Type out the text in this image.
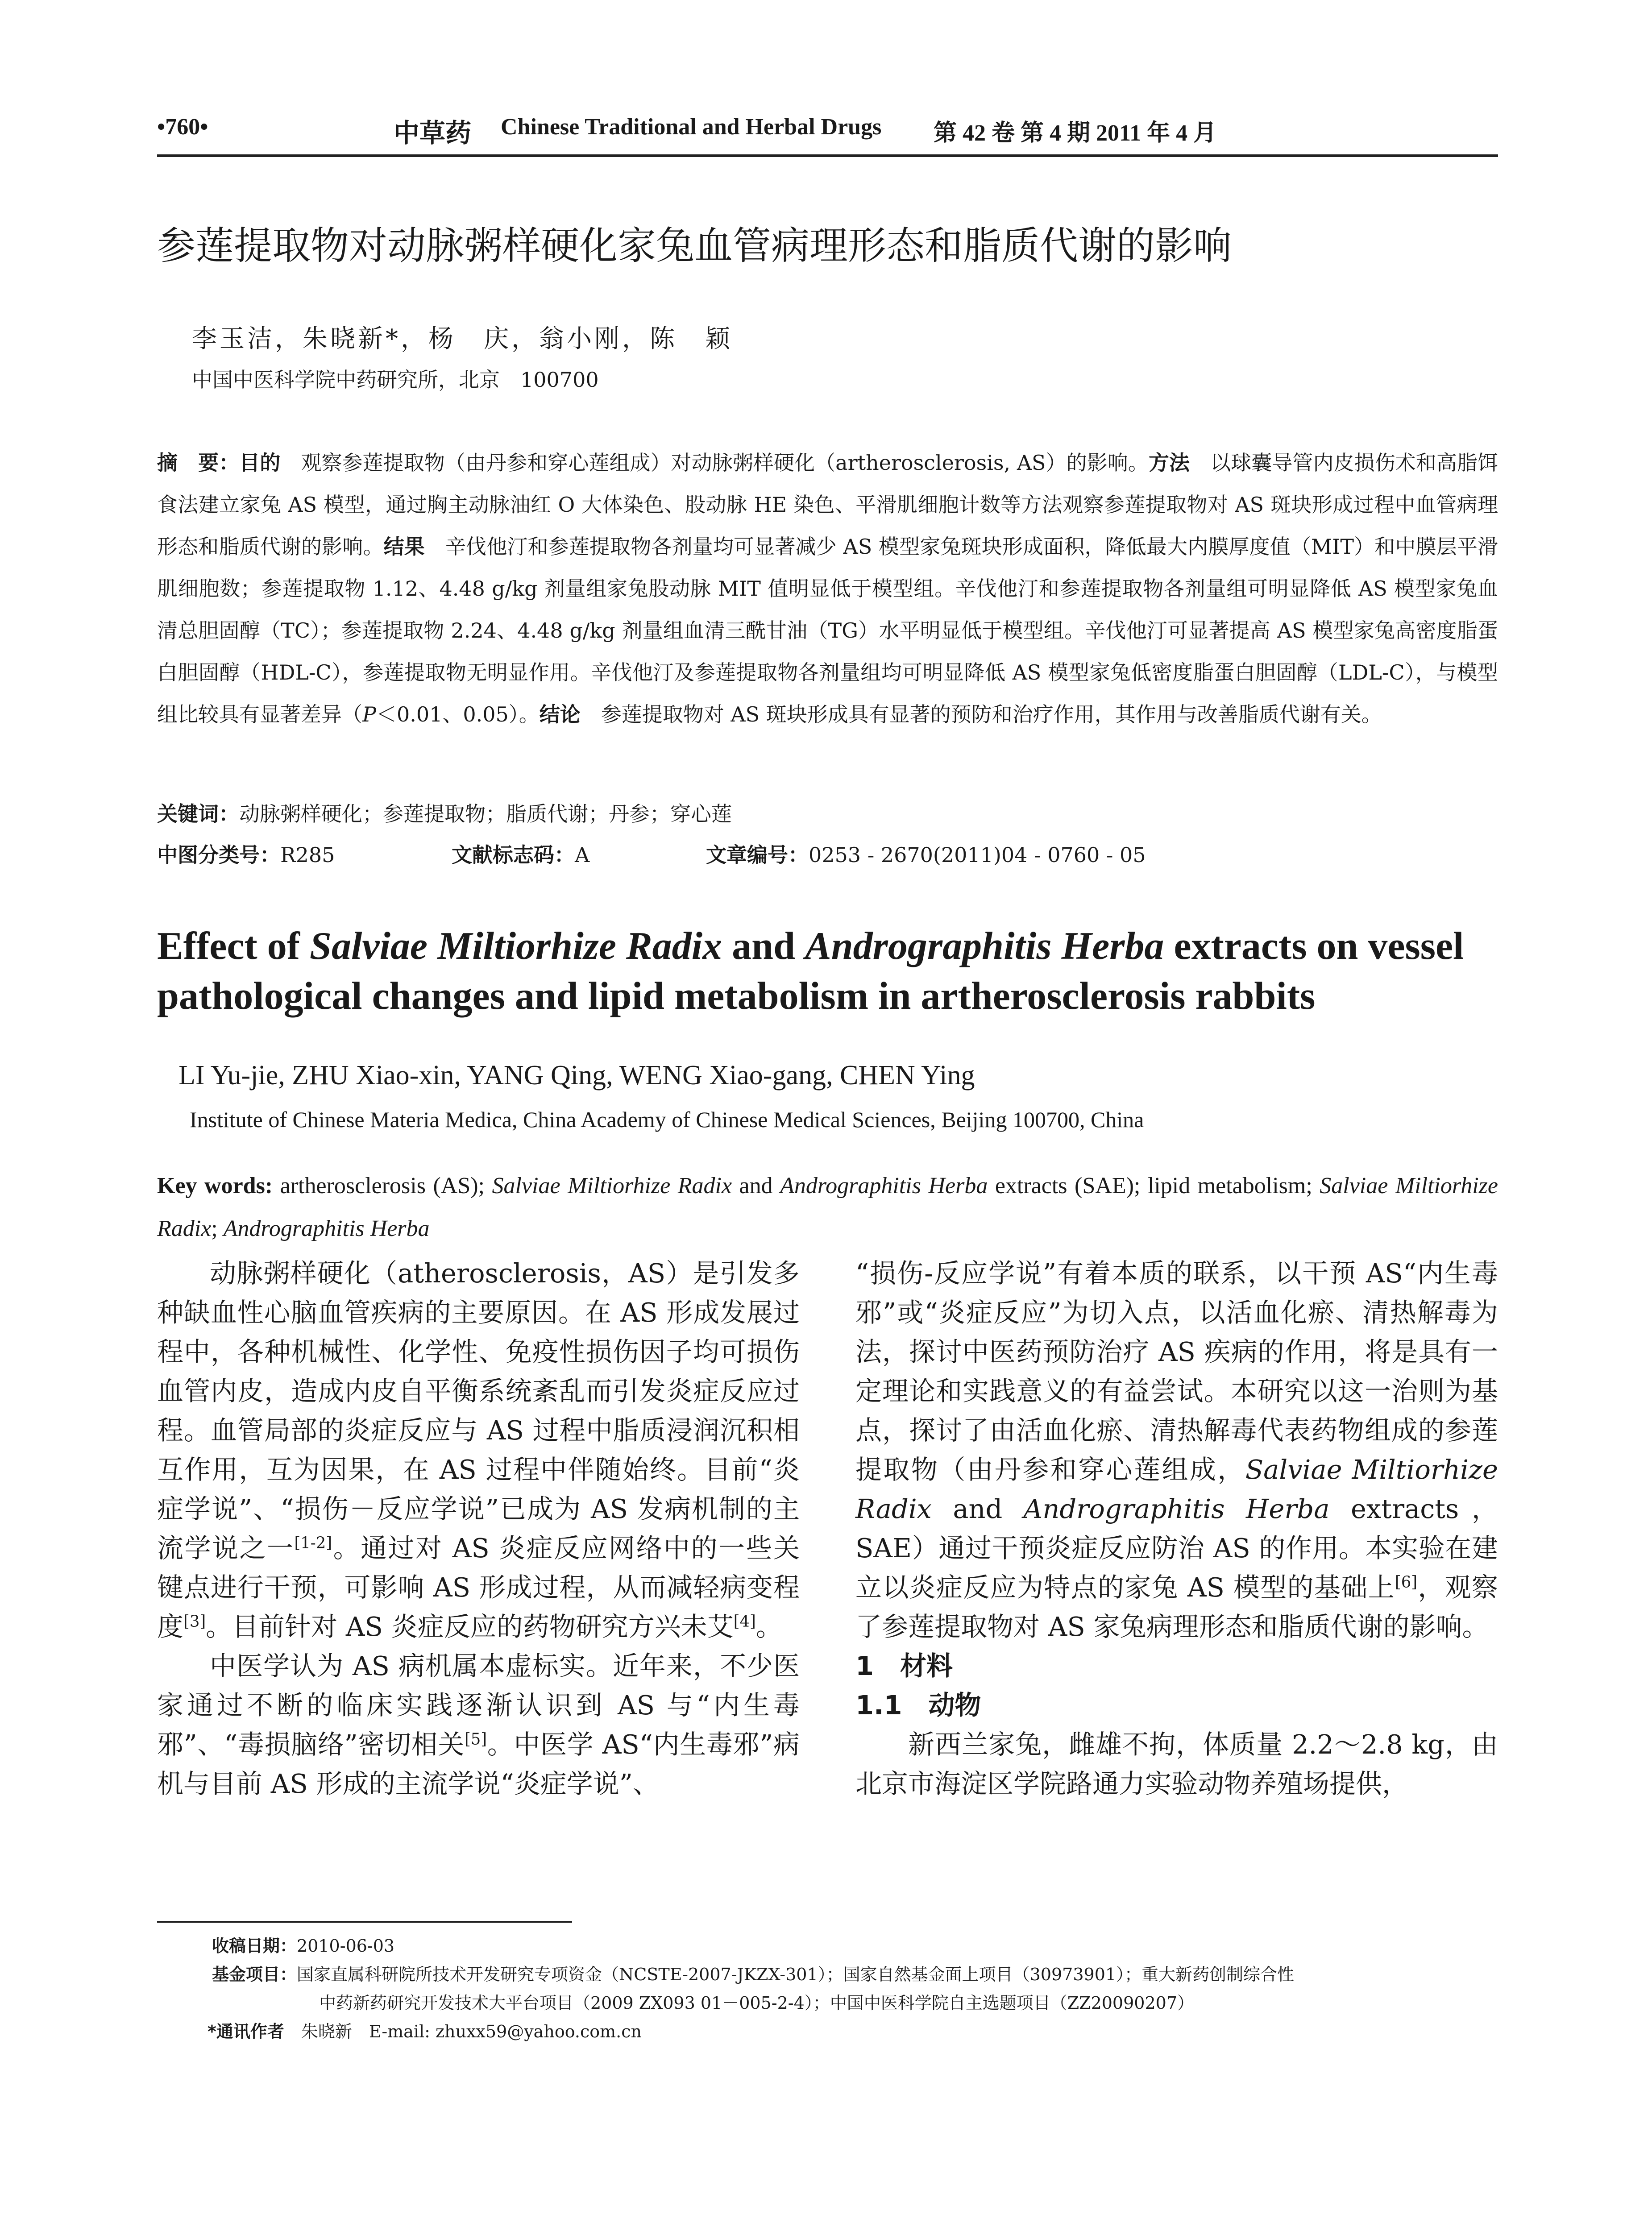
•760•	中草药 Chinese Traditional and Herbal Drugs 第 42 卷 第 4 期 2011 年 4 月
参莲提取物对动脉粥样硬化家兔血管病理形态和脂质代谢的影响
李玉洁，朱晓新*，杨　庆，翁小刚，陈　颖
中国中医科学院中药研究所，北京　100700
摘　要：目的　观察参莲提取物（由丹参和穿心莲组成）对动脉粥样硬化（artherosclerosis, AS）的影响。方法　以球囊导管内皮损伤术和高脂饵食法建立家兔 AS 模型，通过胸主动脉油红 O 大体染色、股动脉 HE 染色、平滑肌细胞计数等方法观察参莲提取物对 AS 斑块形成过程中血管病理形态和脂质代谢的影响。结果　辛伐他汀和参莲提取物各剂量均可显著减少 AS 模型家兔斑块形成面积，降低最大内膜厚度值（MIT）和中膜层平滑肌细胞数；参莲提取物 1.12、4.48 g/kg 剂量组家兔股动脉 MIT 值明显低于模型组。辛伐他汀和参莲提取物各剂量组可明显降低 AS 模型家兔血清总胆固醇（TC）；参莲提取物 2.24、4.48 g/kg 剂量组血清三酰甘油（TG）水平明显低于模型组。辛伐他汀可显著提高 AS 模型家兔高密度脂蛋白胆固醇（HDL-C），参莲提取物无明显作用。辛伐他汀及参莲提取物各剂量组均可明显降低 AS 模型家兔低密度脂蛋白胆固醇（LDL-C），与模型组比较具有显著差异（P＜0.01、0.05）。结论　参莲提取物对 AS 斑块形成具有显著的预防和治疗作用，其作用与改善脂质代谢有关。
关键词：动脉粥样硬化；参莲提取物；脂质代谢；丹参；穿心莲
中图分类号：R285	文献标志码：A	文章编号：0253 - 2670(2011)04 - 0760 - 05
Effect of Salviae Miltiorhize Radix and Andrographitis Herba extracts on vessel pathological changes and lipid metabolism in artherosclerosis rabbits
LI Yu-jie, ZHU Xiao-xin, YANG Qing, WENG Xiao-gang, CHEN Ying
Institute of Chinese Materia Medica, China Academy of Chinese Medical Sciences, Beijing 100700, China
Key words: artherosclerosis (AS); Salviae Miltiorhize Radix and Andrographitis Herba extracts (SAE); lipid metabolism; Salviae Miltiorhize Radix; Andrographitis Herba

动脉粥样硬化（atherosclerosis，AS）是引发多种缺血性心脑血管疾病的主要原因。在 AS 形成发展过程中，各种机械性、化学性、免疫性损伤因子均可损伤血管内皮，造成内皮自平衡系统紊乱而引发炎症反应过程。血管局部的炎症反应与 AS 过程中脂质浸润沉积相互作用，互为因果，在 AS 过程中伴随始终。目前“炎症学说”、“损伤－反应学说”已成为 AS 发病机制的主流学说之一[1-2]。通过对 AS 炎症反应网络中的一些关键点进行干预，可影响 AS 形成过程，从而减轻病变程度[3]。目前针对 AS 炎症反应的药物研究方兴未艾[4]。

中医学认为 AS 病机属本虚标实。近年来，不少医家通过不断的临床实践逐渐认识到 AS 与“内生毒邪”、“毒损脑络”密切相关[5]。中医学 AS“内生毒邪”病机与目前 AS 形成的主流学说“炎症学说”、

“损伤-反应学说”有着本质的联系，以干预 AS“内生毒邪”或“炎症反应”为切入点，以活血化瘀、清热解毒为法，探讨中医药预防治疗 AS 疾病的作用，将是具有一定理论和实践意义的有益尝试。本研究以这一治则为基点，探讨了由活血化瘀、清热解毒代表药物组成的参莲提取物（由丹参和穿心莲组成，Salviae Miltiorhize Radix and Andrographitis Herba extracts，SAE）通过干预炎症反应防治 AS 的作用。本实验在建立以炎症反应为特点的家兔 AS 模型的基础上[6]，观察了参莲提取物对 AS 家兔病理形态和脂质代谢的影响。

1　材料

1.1　动物

新西兰家兔，雌雄不拘，体质量 2.2～2.8 kg，由北京市海淀区学院路通力实验动物养殖场提供，

收稿日期：2010-06-03
基金项目：国家直属科研院所技术开发研究专项资金（NCSTE-2007-JKZX-301）；国家自然基金面上项目（30973901）；重大新药创制综合性
中药新药研究开发技术大平台项目（2009 ZX093 01－005-2-4）；中国中医科学院自主选题项目（ZZ20090207）
*通讯作者　朱晓新　E-mail: zhuxx59@yahoo.com.cn
